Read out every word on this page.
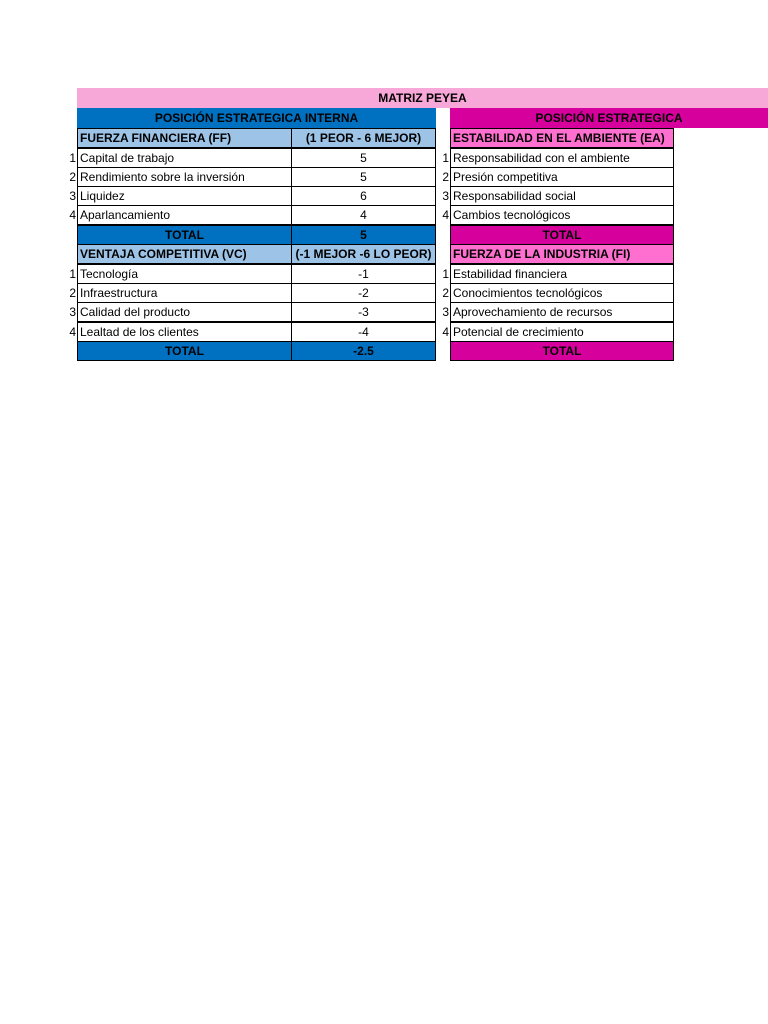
MATRIZ PEYEA
POSICIÓN ESTRATEGICA INTERNA
FUERZA FINANCIERA (FF)	(1 PEOR - 6 MEJOR)
1 Capital de trabajo	5
2 Rendimiento sobre la inversión	5
3 Liquidez	6
4 Aparlancamiento	4
TOTAL	5
VENTAJA COMPETITIVA (VC)	(-1 MEJOR -6 LO PEOR)
1 Tecnología	-1
2 Infraestructura	-2
3 Calidad del producto	-3
4 Lealtad de los clientes	-4
TOTAL	-2.5
POSICIÓN ESTRATEGICA
ESTABILIDAD EN EL AMBIENTE (EA)
1 Responsabilidad con el ambiente
2 Presión competitiva
3 Responsabilidad social
4 Cambios tecnológicos
TOTAL
FUERZA DE LA INDUSTRIA (FI)
1 Estabilidad financiera
2 Conocimientos tecnológicos
3 Aprovechamiento de recursos
4 Potencial de crecimiento
TOTAL
